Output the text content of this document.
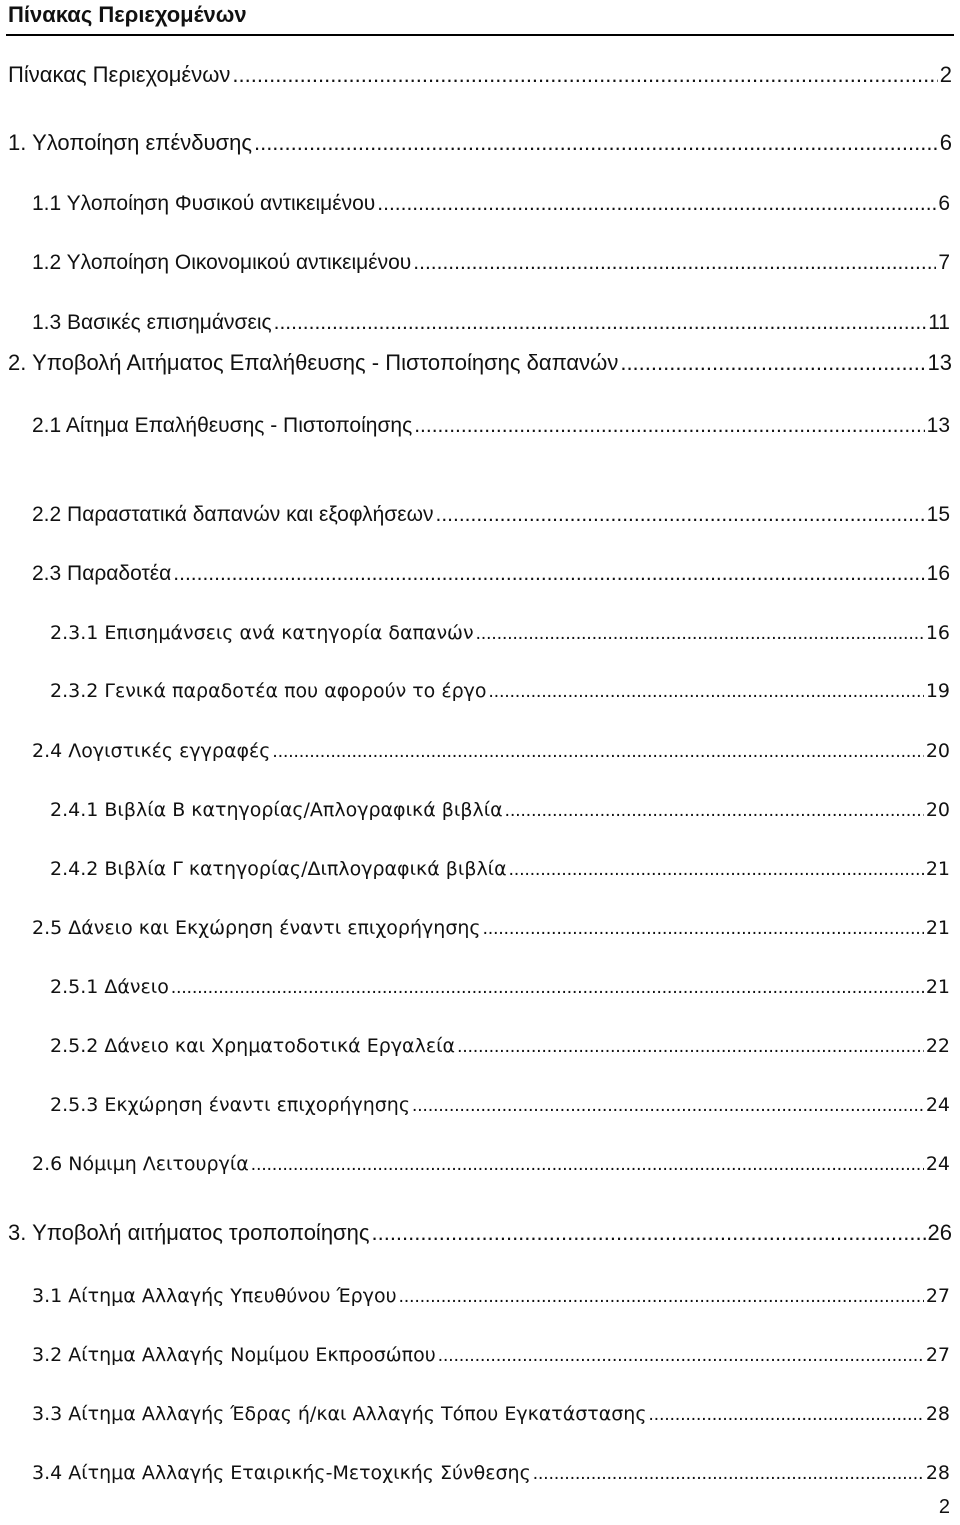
Πίνακας Περιεχομένων
Πίνακας Περιεχομένων .....	2
1. Υλοποίηση επένδυσης .....	6
1.1 Υλοποίηση Φυσικού αντικειμένου .....	6
1.2 Υλοποίηση Οικονομικού αντικειμένου .....	7
1.3 Βασικές επισημάνσεις .....	11
2. Υποβολή Αιτήματος Επαλήθευσης - Πιστοποίησης δαπανών .....	13
2.1 Αίτημα Επαλήθευσης - Πιστοποίησης .....	13
2.2 Παραστατικά δαπανών και εξοφλήσεων .....	15
2.3 Παραδοτέα .....	16
2.3.1 Επισημάνσεις ανά κατηγορία δαπανών .....	16
2.3.2 Γενικά παραδοτέα που αφορούν το έργο .....	19
2.4 Λογιστικές εγγραφές .....	20
2.4.1 Βιβλία Β κατηγορίας/Απλογραφικά βιβλία .....	20
2.4.2 Βιβλία Γ κατηγορίας/Διπλογραφικά βιβλία .....	21
2.5 Δάνειο και Εκχώρηση έναντι επιχορήγησης .....	21
2.5.1 Δάνειο .....	21
2.5.2 Δάνειο και Χρηματοδοτικά Εργαλεία .....	22
2.5.3 Εκχώρηση έναντι επιχορήγησης .....	24
2.6 Νόμιμη Λειτουργία .....	24
3. Υποβολή αιτήματος τροποποίησης .....	26
3.1 Αίτημα Αλλαγής Υπευθύνου Έργου .....	27
3.2 Αίτημα Αλλαγής Νομίμου Εκπροσώπου .....	27
3.3 Αίτημα Αλλαγής Έδρας ή/και Αλλαγής Τόπου Εγκατάστασης .....	28
3.4 Αίτημα Αλλαγής Εταιρικής-Μετοχικής Σύνθεσης .....	28
2
